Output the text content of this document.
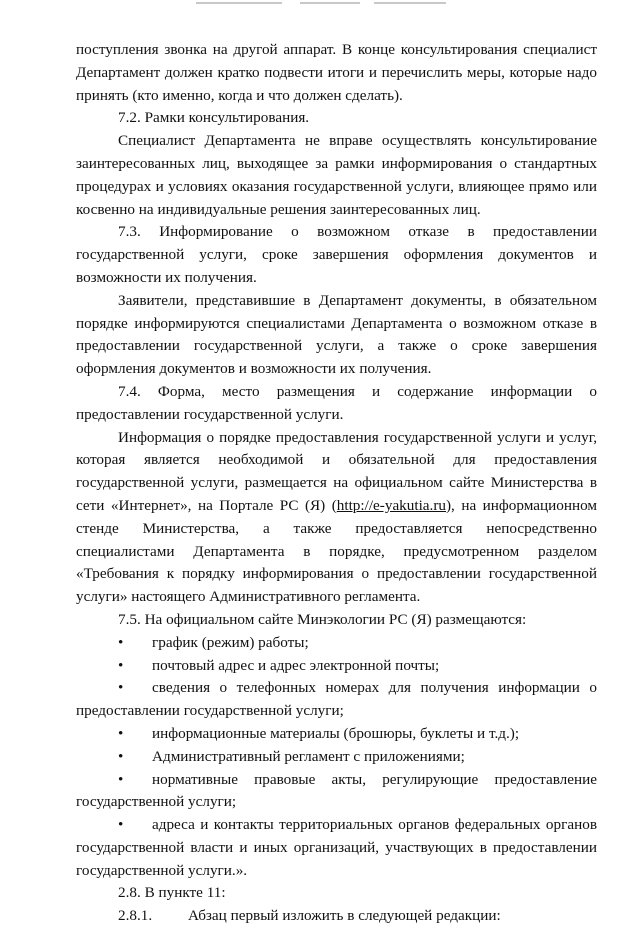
поступления звонка на другой аппарат. В конце консультирования специалист Департамент должен кратко подвести итоги и перечислить меры, которые надо принять (кто именно, когда и что должен сделать).

7.2. Рамки консультирования.

Специалист Департамента не вправе осуществлять консультирование заинтересованных лиц, выходящее за рамки информирования о стандартных процедурах и условиях оказания государственной услуги, влияющее прямо или косвенно на индивидуальные решения заинтересованных лиц.

7.3. Информирование о возможном отказе в предоставлении государственной услуги, сроке завершения оформления документов и возможности их получения.

Заявители, представившие в Департамент документы, в обязательном порядке информируются специалистами Департамента о возможном отказе в предоставлении государственной услуги, а также о сроке завершения оформления документов и возможности их получения.

7.4. Форма, место размещения и содержание информации о предоставлении государственной услуги.

Информация о порядке предоставления государственной услуги и услуг, которая является необходимой и обязательной для предоставления государственной услуги, размещается на официальном сайте Министерства в сети «Интернет», на Портале РС (Я) (http://e-yakutia.ru), на информационном стенде Министерства, а также предоставляется непосредственно специалистами Департамента в порядке, предусмотренном разделом «Требования к порядку информирования о предоставлении государственной услуги» настоящего Административного регламента.

7.5. На официальном сайте Минэкологии РС (Я) размещаются:

• график (режим) работы;

• почтовый адрес и адрес электронной почты;

• сведения о телефонных номерах для получения информации о предоставлении государственной услуги;

• информационные материалы (брошюры, буклеты и т.д.);

• Административный регламент с приложениями;

• нормативные правовые акты, регулирующие предоставление государственной услуги;

• адреса и контакты территориальных органов федеральных органов государственной власти и иных организаций, участвующих в предоставлении государственной услуги.».

2.8. В пункте 11:

2.8.1. Абзац первый изложить в следующей редакции:
